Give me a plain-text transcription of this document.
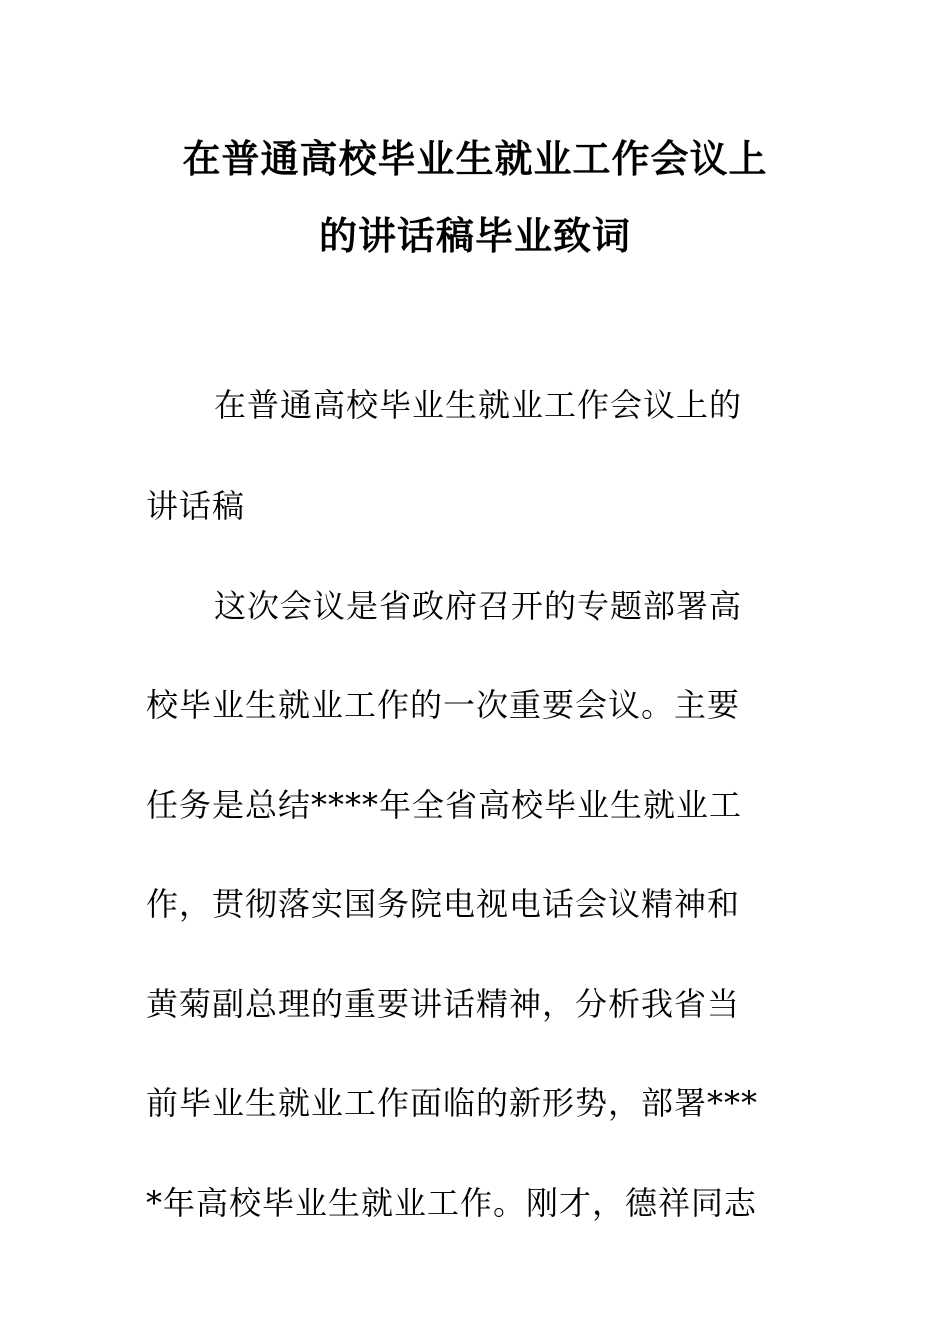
在普通高校毕业生就业工作会议上
的讲话稿毕业致词
在普通高校毕业生就业工作会议上的
讲话稿
这次会议是省政府召开的专题部署高
校毕业生就业工作的一次重要会议。主要
任务是总结****年全省高校毕业生就业工
作，贯彻落实国务院电视电话会议精神和
黄菊副总理的重要讲话精神，分析我省当
前毕业生就业工作面临的新形势，部署***
*年高校毕业生就业工作。刚才，德祥同志
